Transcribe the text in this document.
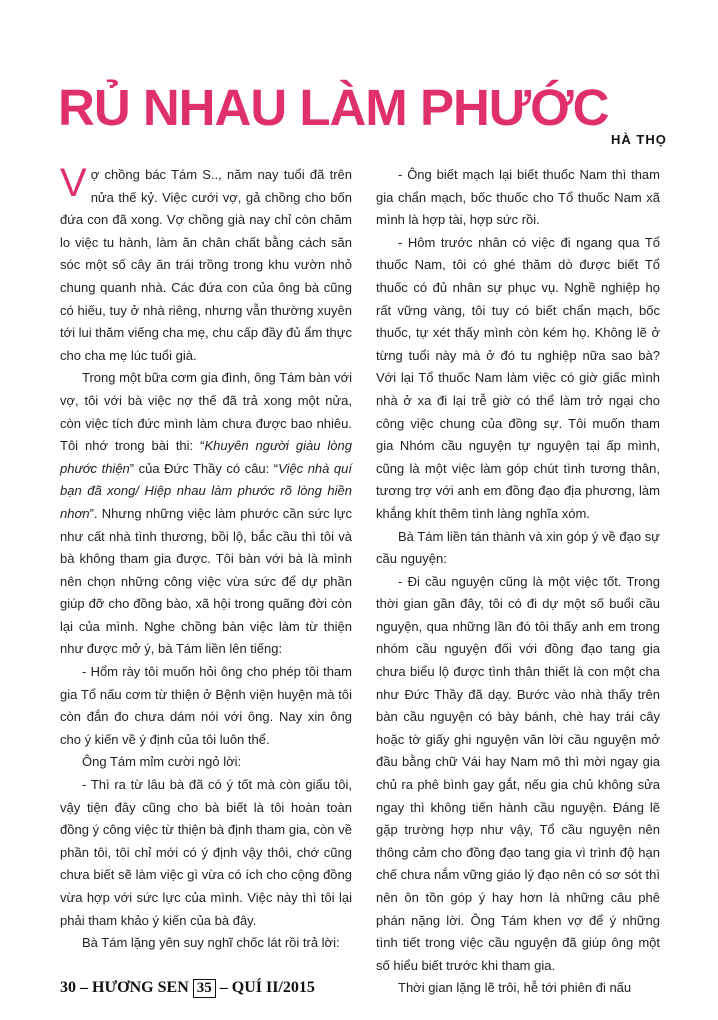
RỦ NHAU LÀM PHƯỚC
HÀ THỌ

Vợ chồng bác Tám S.., năm nay tuổi đã trên nửa thế kỷ. Việc cưới vợ, gả chồng cho bốn đứa con đã xong. Vợ chồng già nay chỉ còn chăm lo việc tu hành, làm ăn chân chất bằng cách săn sóc một số cây ăn trái trồng trong khu vườn nhỏ chung quanh nhà. Các đứa con của ông bà cũng có hiếu, tuy ở nhà riêng, nhưng vẫn thường xuyên tới lui thăm viếng cha mẹ, chu cấp đầy đủ ẩm thực cho cha mẹ lúc tuổi già.

Trong một bữa cơm gia đình, ông Tám bàn với vợ, tôi với bà việc nợ thế đã trả xong một nửa, còn việc tích đức mình làm chưa được bao nhiêu. Tôi nhớ trong bài thi: “Khuyên người giàu lòng phước thiện” của Đức Thầy có câu: “Việc nhà quí bạn đã xong/ Hiệp nhau làm phước rõ lòng hiền nhơn”. Nhưng những việc làm phước cần sức lực như cất nhà tình thương, bồi lộ, bắc cầu thì tôi và bà không tham gia được. Tôi bàn với bà là mình nên chọn những công việc vừa sức để dự phần giúp đỡ cho đồng bào, xã hội trong quãng đời còn lại của mình. Nghe chồng bàn việc làm từ thiện như được mở ý, bà Tám liền lên tiếng:

- Hổm rày tôi muốn hỏi ông cho phép tôi tham gia Tổ nấu cơm từ thiện ở Bệnh viện huyện mà tôi còn đắn đo chưa dám nói với ông. Nay xin ông cho ý kiến về ý định của tôi luôn thể.

Ông Tám mỉm cười ngỏ lời:

- Thì ra từ lâu bà đã có ý tốt mà còn giấu tôi, vậy tiện đây cũng cho bà biết là tôi hoàn toàn đồng ý công việc từ thiện bà định tham gia, còn về phần tôi, tôi chỉ mới có ý định vậy thôi, chớ cũng chưa biết sẽ làm việc gì vừa có ích cho cộng đồng vừa hợp với sức lực của mình. Việc này thì tôi lại phải tham khảo ý kiến của bà đây.

Bà Tám lặng yên suy nghĩ chốc lát rồi trả lời:

- Ông biết mạch lại biết thuốc Nam thì tham gia chẩn mạch, bốc thuốc cho Tổ thuốc Nam xã mình là hợp tài, hợp sức rồi.

- Hôm trước nhân có việc đi ngang qua Tổ thuốc Nam, tôi có ghé thăm dò được biết Tổ thuốc có đủ nhân sự phục vụ. Nghề nghiệp họ rất vững vàng, tôi tuy có biết chẩn mạch, bốc thuốc, tự xét thấy mình còn kém họ. Không lẽ ở từng tuổi này mà ở đó tu nghiệp nữa sao bà? Với lại Tổ thuốc Nam làm việc có giờ giấc mình nhà ở xa đi lại trễ giờ có thể làm trở ngại cho công việc chung của đồng sự. Tôi muốn tham gia Nhóm cầu nguyện tự nguyện tại ấp mình, cũng là một việc làm góp chút tình tương thân, tương trợ với anh em đồng đạo địa phương, làm khắng khít thêm tình làng nghĩa xóm.

Bà Tám liền tán thành và xin góp ý về đạo sự cầu nguyện:

- Đi cầu nguyện cũng là một việc tốt. Trong thời gian gần đây, tôi có đi dự một số buổi cầu nguyện, qua những lần đó tôi thấy anh em trong nhóm cầu nguyện đối với đồng đạo tang gia chưa biểu lộ được tình thân thiết là con một cha như Đức Thầy đã dạy. Bước vào nhà thấy trên bàn cầu nguyện có bày bánh, chè hay trái cây hoặc tờ giấy ghi nguyện văn lời cầu nguyện mở đầu bằng chữ Vái hay Nam mô thì mời ngay gia chủ ra phê bình gay gắt, nếu gia chủ không sửa ngay thì không tiến hành cầu nguyện. Đáng lẽ gặp trường hợp như vậy, Tổ cầu nguyện nên thông cảm cho đồng đạo tang gia vì trình độ hạn chế chưa nắm vững giáo lý đạo nên có sơ sót thì nên ôn tồn góp ý hay hơn là những câu phê phán nặng lời. Ông Tám khen vợ để ý những tình tiết trong việc cầu nguyện đã giúp ông một số hiểu biết trước khi tham gia.

Thời gian lặng lẽ trôi, hễ tới phiên đi nấu

30 – HƯƠNG SEN 35 – QUÍ II/2015
